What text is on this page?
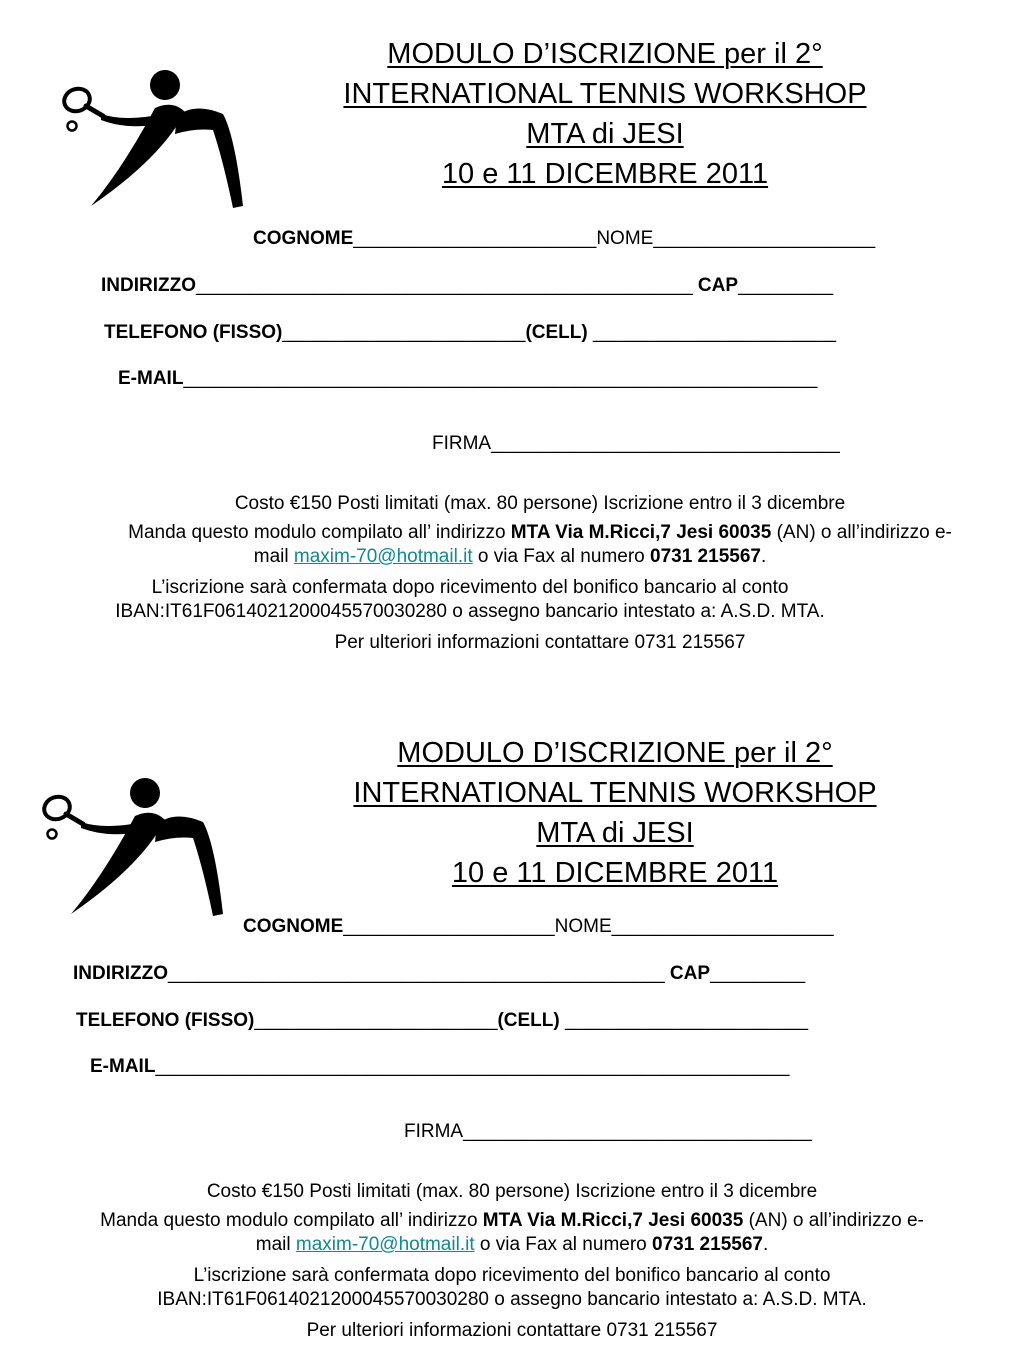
MODULO D’ISCRIZIONE per il 2°
INTERNATIONAL TENNIS WORKSHOP
MTA di JESI
10 e 11 DICEMBRE 2011
COGNOME_______________________NOME_____________________
INDIRIZZO_______________________________________________ CAP_________
TELEFONO (FISSO)_______________________(CELL) _______________________
E-MAIL____________________________________________________________
FIRMA_________________________________
Costo €150 Posti limitati (max. 80 persone) Iscrizione entro il 3 dicembre
Manda questo modulo compilato all’ indirizzo MTA Via M.Ricci,7 Jesi 60035 (AN) o all’indirizzo e-
mail maxim-70@hotmail.it o via Fax al numero 0731 215567.
L’iscrizione sarà confermata dopo ricevimento del bonifico bancario al conto
IBAN:IT61F0614021200045570030280 o assegno bancario intestato a: A.S.D. MTA.
Per ulteriori informazioni contattare 0731 215567
MODULO D’ISCRIZIONE per il 2°
INTERNATIONAL TENNIS WORKSHOP
MTA di JESI
10 e 11 DICEMBRE 2011
COGNOME____________________NOME_____________________
INDIRIZZO_______________________________________________ CAP_________
TELEFONO (FISSO)_______________________(CELL) _______________________
E-MAIL____________________________________________________________
FIRMA_________________________________
Costo €150 Posti limitati (max. 80 persone) Iscrizione entro il 3 dicembre
Manda questo modulo compilato all’ indirizzo MTA Via M.Ricci,7 Jesi 60035 (AN) o all’indirizzo e-
mail maxim-70@hotmail.it o via Fax al numero 0731 215567.
L’iscrizione sarà confermata dopo ricevimento del bonifico bancario al conto
IBAN:IT61F0614021200045570030280 o assegno bancario intestato a: A.S.D. MTA.
Per ulteriori informazioni contattare 0731 215567
